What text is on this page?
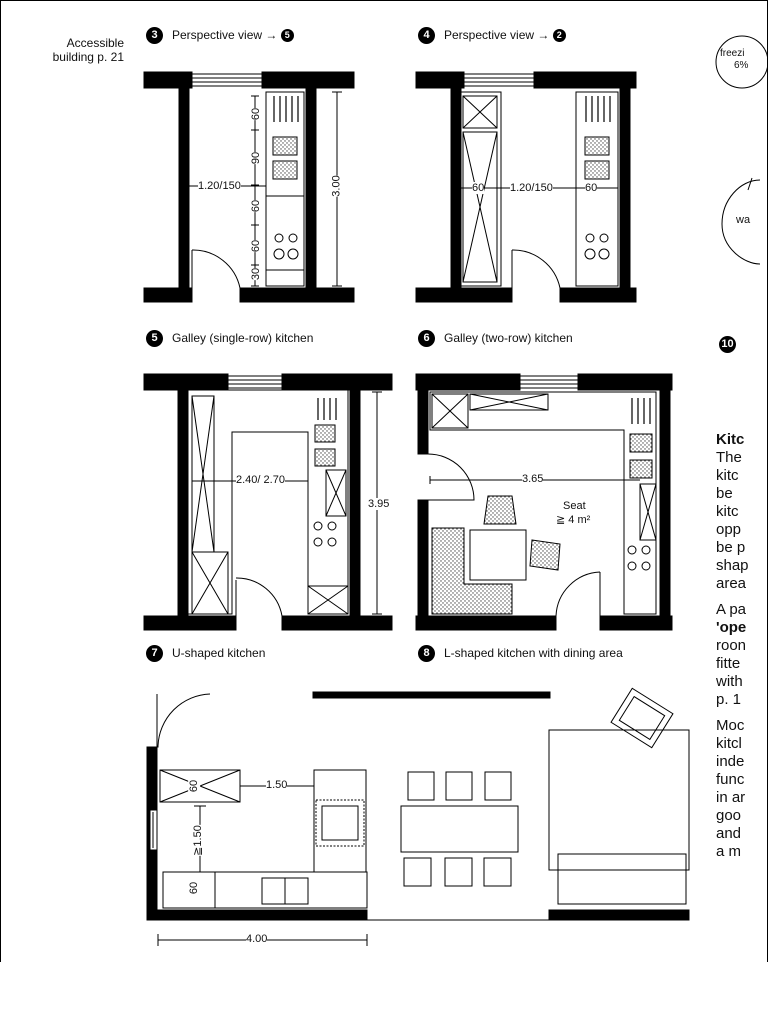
Accessible
building p. 21
3 Perspective view → 5	4 Perspective view → 2
1.20/150	3.00
60
90
60
60
30
60 1.20/150	60
2.40/ 2.70
3.95
3.65
Seat
≧ 4 m²
1.50
60
≧1.50
60
4.00
5 Galley (single-row) kitchen	6 Galley (two-row) kitchen
7 U-shaped kitchen	8 L-shaped kitchen with dining area
10
freezi
6%
wa

Kitc

The

kitc

be

kitc

opp

be p

shap

area

A pa

'ope

roon

fitte

with

p. 1

Moc

kitcl

inde

func

in ar

goo

and

a m
